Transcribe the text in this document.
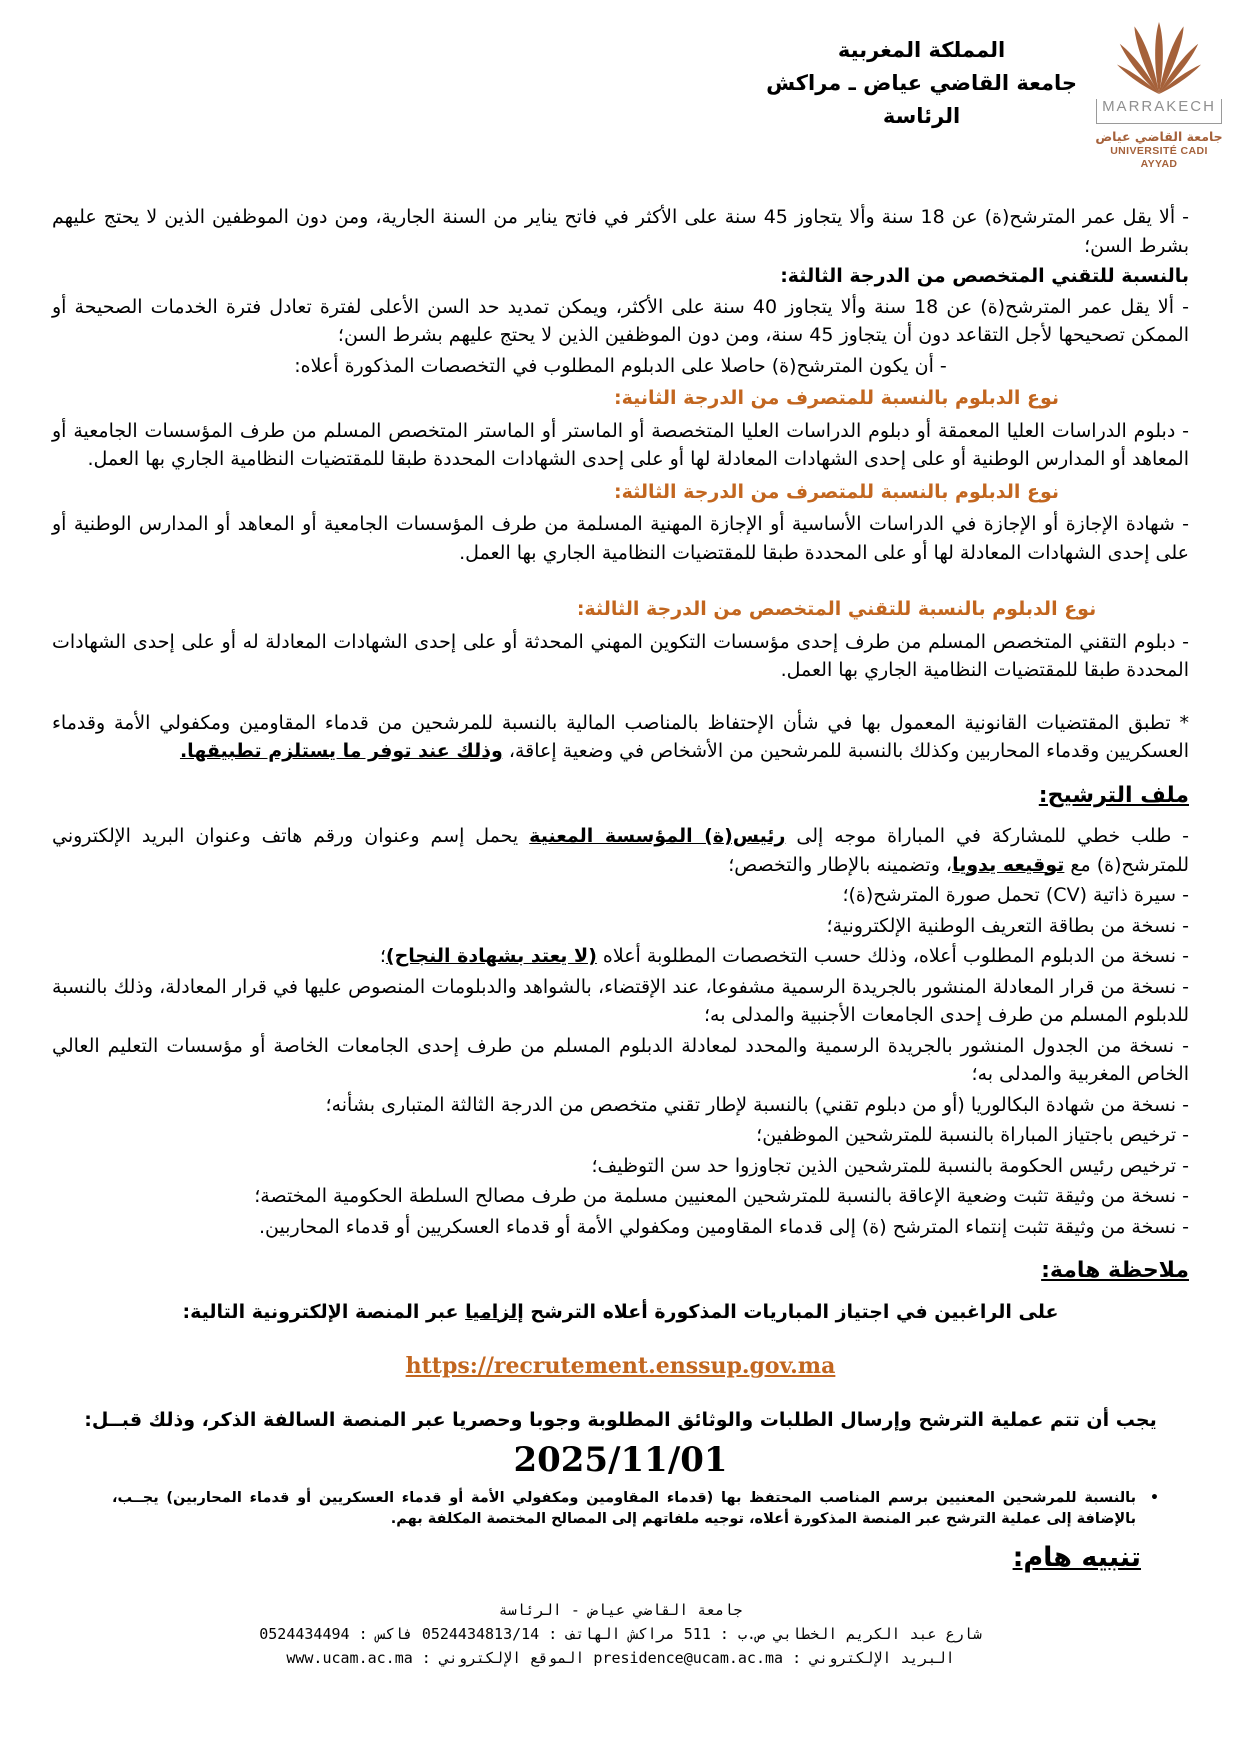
MARRAKECH
جامعة القاضي عياض
UNIVERSITÉ CADI AYYAD
المملكة المغربية
جامعة القاضي عياض ـ مراكش
الرئاسة

- ألا يقل عمر المترشح(ة) عن 18 سنة وألا يتجاوز 45 سنة على الأكثر في فاتح يناير من السنة الجارية، ومن دون الموظفين الذين لا يحتج عليهم بشرط السن؛

بالنسبة للتقني المتخصص من الدرجة الثالثة:

- ألا يقل عمر المترشح(ة) عن 18 سنة وألا يتجاوز 40 سنة على الأكثر، ويمكن تمديد حد السن الأعلى لفترة تعادل فترة الخدمات الصحيحة أو الممكن تصحيحها لأجل التقاعد دون أن يتجاوز 45 سنة، ومن دون الموظفين الذين لا يحتج عليهم بشرط السن؛

- أن يكون المترشح(ة) حاصلا على الدبلوم المطلوب في التخصصات المذكورة أعلاه:

نوع الدبلوم بالنسبة للمتصرف من الدرجة الثانية:

- دبلوم الدراسات العليا المعمقة أو دبلوم الدراسات العليا المتخصصة أو الماستر أو الماستر المتخصص المسلم من طرف المؤسسات الجامعية أو المعاهد أو المدارس الوطنية أو على إحدى الشهادات المعادلة لها أو على إحدى الشهادات المحددة طبقا للمقتضيات النظامية الجاري بها العمل.

نوع الدبلوم بالنسبة للمتصرف من الدرجة الثالثة:

- شهادة الإجازة أو الإجازة في الدراسات الأساسية أو الإجازة المهنية المسلمة من طرف المؤسسات الجامعية أو المعاهد أو المدارس الوطنية أو على إحدى الشهادات المعادلة لها أو على المحددة طبقا للمقتضيات النظامية الجاري بها العمل.

نوع الدبلوم بالنسبة للتقني المتخصص من الدرجة الثالثة:

- دبلوم التقني المتخصص المسلم من طرف إحدى مؤسسات التكوين المهني المحدثة أو على إحدى الشهادات المعادلة له أو على إحدى الشهادات المحددة طبقا للمقتضيات النظامية الجاري بها العمل.

* تطبق المقتضيات القانونية المعمول بها في شأن الإحتفاظ بالمناصب المالية بالنسبة للمرشحين من قدماء المقاومين ومكفولي الأمة وقدماء العسكريين وقدماء المحاربين وكذلك بالنسبة للمرشحين من الأشخاص في وضعية إعاقة، وذلك عند توفر ما يستلزم تطبيقها.

ملف الترشيح:

- طلب خطي للمشاركة في المباراة موجه إلى رئيس(ة) المؤسسة المعنية يحمل إسم وعنوان ورقم هاتف وعنوان البريد الإلكتروني للمترشح(ة) مع توقيعه يدويا، وتضمينه بالإطار والتخصص؛

- سيرة ذاتية (CV) تحمل صورة المترشح(ة)؛

- نسخة من بطاقة التعريف الوطنية الإلكترونية؛

- نسخة من الدبلوم المطلوب أعلاه، وذلك حسب التخصصات المطلوبة أعلاه (لا يعتد بشهادة النجاح)؛

- نسخة من قرار المعادلة المنشور بالجريدة الرسمية مشفوعا، عند الإقتضاء، بالشواهد والدبلومات المنصوص عليها في قرار المعادلة، وذلك بالنسبة للدبلوم المسلم من طرف إحدى الجامعات الأجنبية والمدلى به؛

- نسخة من الجدول المنشور بالجريدة الرسمية والمحدد لمعادلة الدبلوم المسلم من طرف إحدى الجامعات الخاصة أو مؤسسات التعليم العالي الخاص المغربية والمدلى به؛

- نسخة من شهادة البكالوريا (أو من دبلوم تقني) بالنسبة لإطار تقني متخصص من الدرجة الثالثة المتبارى بشأنه؛

- ترخيص باجتياز المباراة بالنسبة للمترشحين الموظفين؛

- ترخيص رئيس الحكومة بالنسبة للمترشحين الذين تجاوزوا حد سن التوظيف؛

- نسخة من وثيقة تثبت وضعية الإعاقة بالنسبة للمترشحين المعنيين مسلمة من طرف مصالح السلطة الحكومية المختصة؛

- نسخة من وثيقة تثبت إنتماء المترشح (ة) إلى قدماء المقاومين ومكفولي الأمة أو قدماء العسكريين أو قدماء المحاربين.

ملاحظة هامة:

على الراغبين في اجتياز المباريات المذكورة أعلاه الترشح إلزاميا عبر المنصة الإلكترونية التالية:

https://recrutement.enssup.gov.ma

يجب أن تتم عملية الترشح وإرسال الطلبات والوثائق المطلوبة وجوبا وحصريا عبر المنصة السالفة الذكر، وذلك قبــل:

2025/11/01

•
بالنسبة للمرشحين المعنيين برسم المناصب المحتفظ بها (قدماء المقاومين ومكفولي الأمة أو قدماء العسكريين أو قدماء المحاربين) يجــب، بالإضافة إلى عملية الترشح عبر المنصة المذكورة أعلاه، توجيه ملفاتهم إلى المصالح المختصة المكلفة بهم.

تنبيه هام:

جامعة القاضي عياض - الرئاسة
شارع عبد الكريم الخطابي ص.ب : 511 مراكش الهاتف : 0524434813/14 فاكس : 0524434494
البريد الإلكتروني : presidence@ucam.ac.ma الموقع الإلكتروني : www.ucam.ac.ma
